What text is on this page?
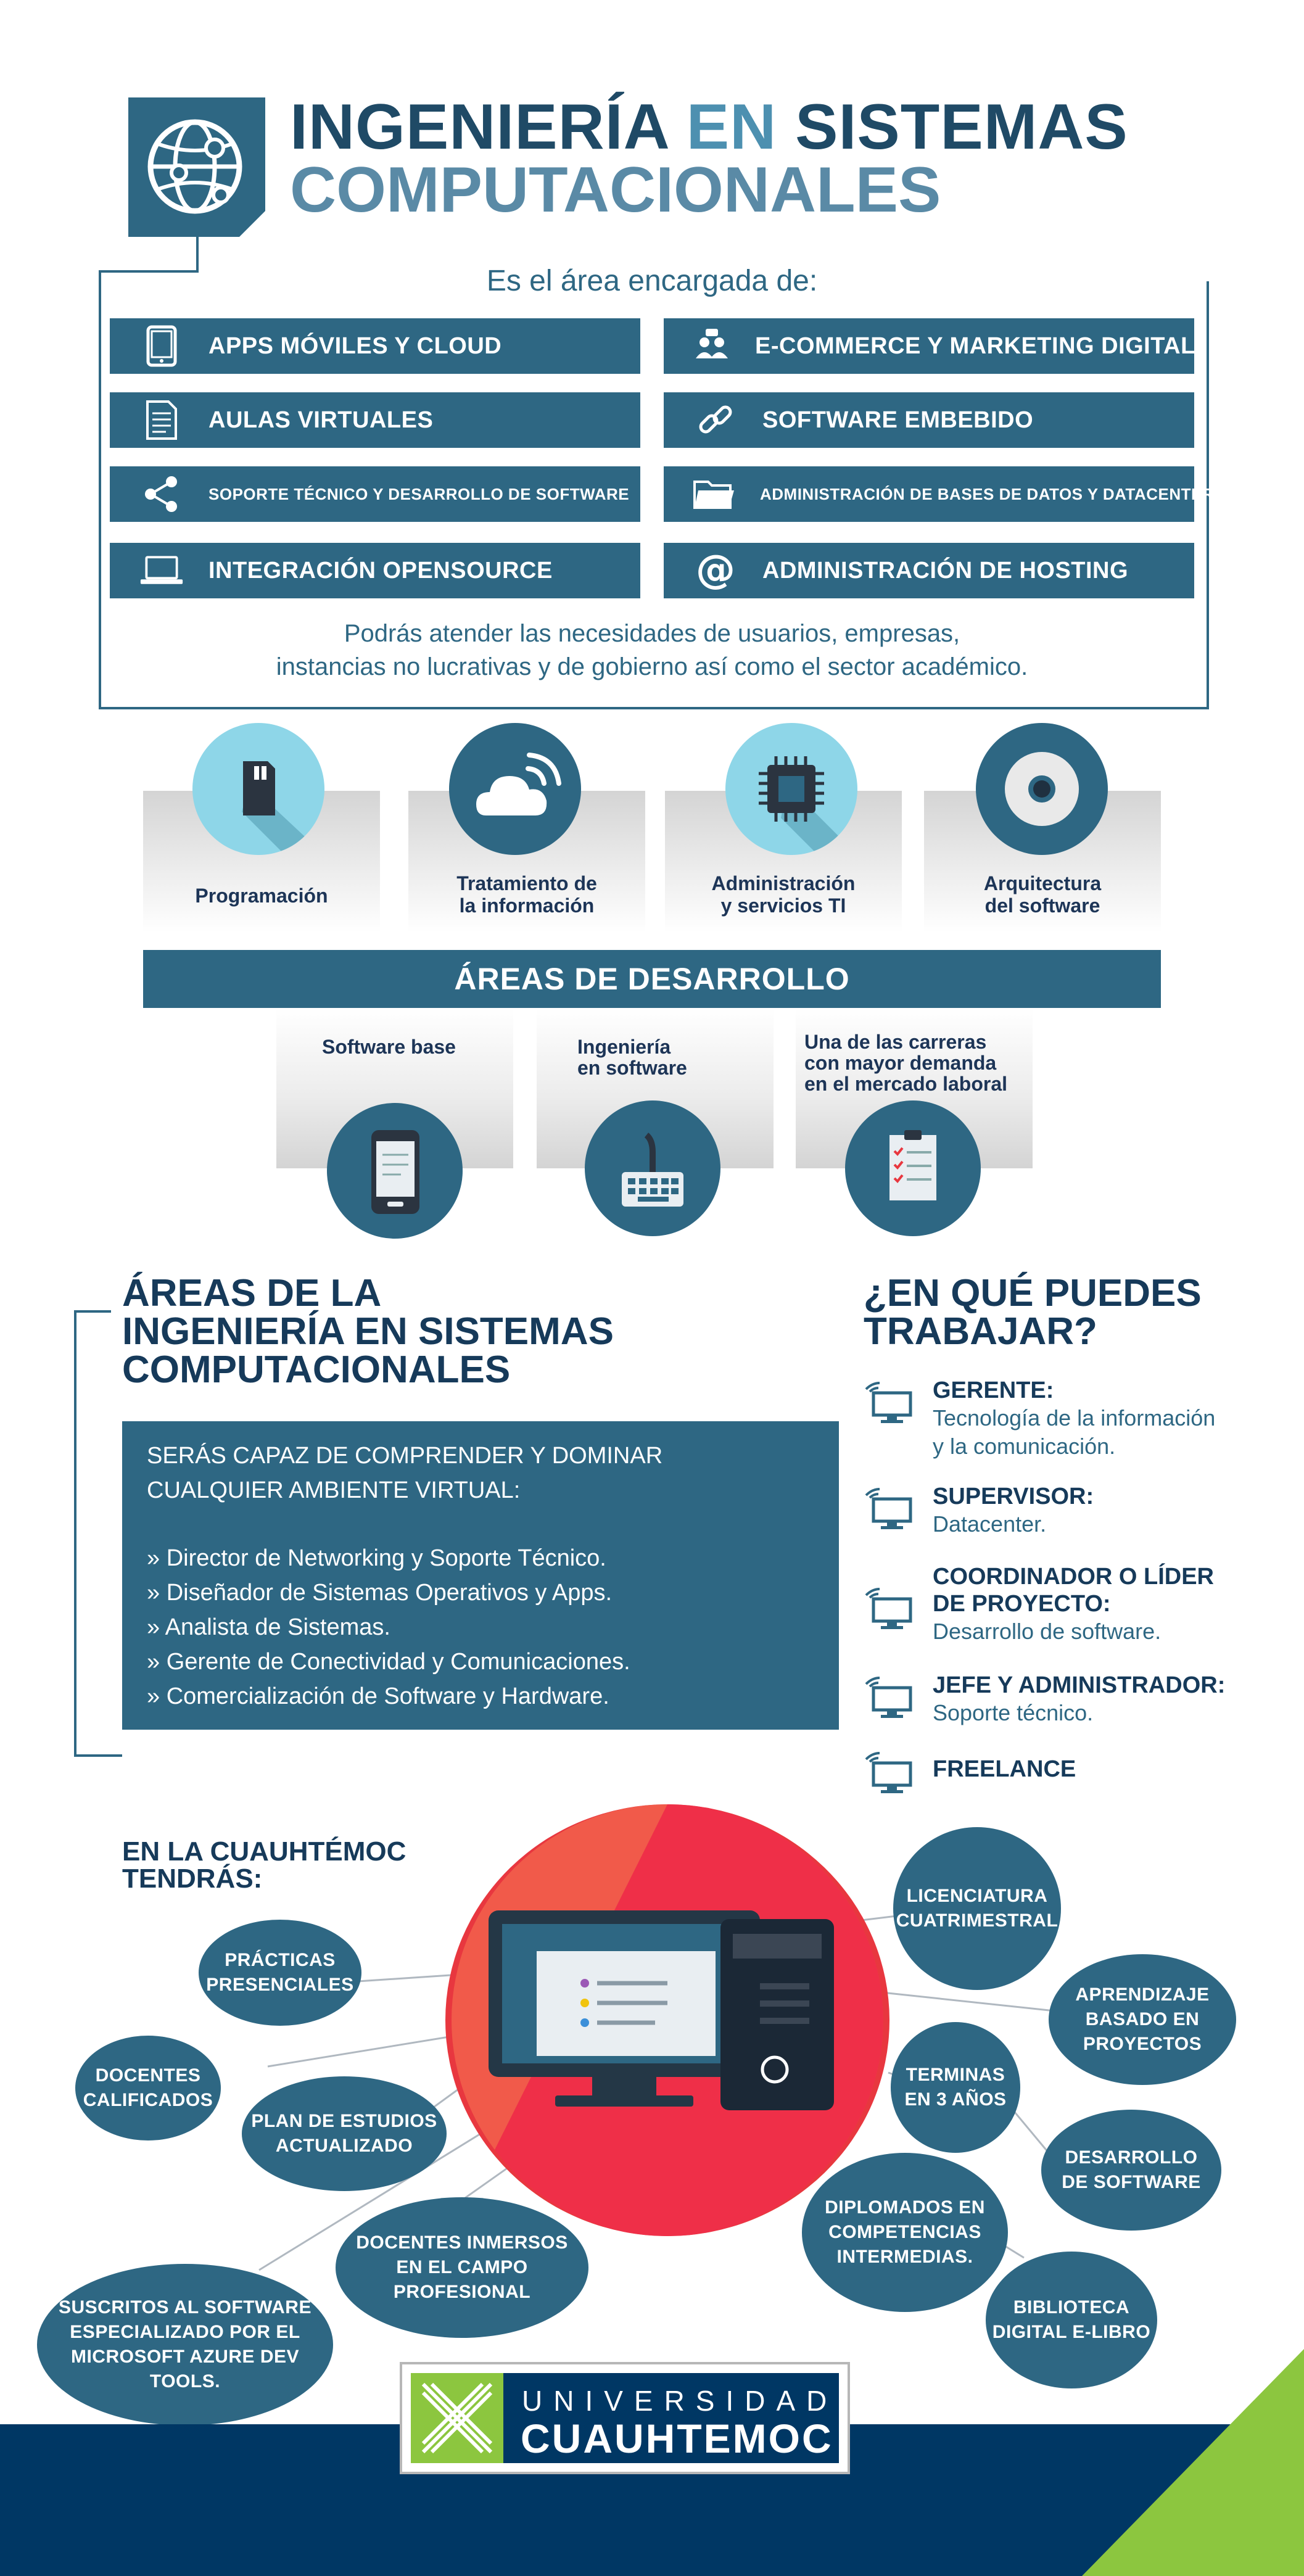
INGENIERÍA EN SISTEMAS
COMPUTACIONALES
Es el área encargada de:
APPS MÓVILES Y CLOUD	E-COMMERCE Y MARKETING DIGITAL
AULAS VIRTUALES	SOFTWARE EMBEBIDO
SOPORTE TÉCNICO Y DESARROLLO DE SOFTWARE	ADMINISTRACIÓN DE BASES DE DATOS Y DATACENTER
INTEGRACIÓN OPENSOURCE	@ ADMINISTRACIÓN DE HOSTING
Podrás atender las necesidades de usuarios, empresas,
instancias no lucrativas y de gobierno así como el sector académico.
Programación
Tratamiento de
la información
Administración
y servicios TI
Arquitectura
del software
ÁREAS DE DESARROLLO
Software base	Ingeniería
en software
Una de las carreras
con mayor demanda
en el mercado laboral
ÁREAS DE LA
INGENIERÍA EN SISTEMAS
COMPUTACIONALES
SERÁS CAPAZ DE COMPRENDER Y DOMINAR
CUALQUIER AMBIENTE VIRTUAL:
» Director de Networking y Soporte Técnico.
» Diseñador de Sistemas Operativos y Apps.
» Analista de Sistemas.
» Gerente de Conectividad y Comunicaciones.
» Comercialización de Software y Hardware.
¿EN QUÉ PUEDES
TRABAJAR?
GERENTE:
Tecnología de la información
y la comunicación.
SUPERVISOR:
Datacenter.
COORDINADOR O LÍDER
DE PROYECTO:
Desarrollo de software.
JEFE Y ADMINISTRADOR:
Soporte técnico.
FREELANCE
EN LA CUAUHTÉMOC
TENDRÁS:
PRÁCTICAS
PRESENCIALES
DOCENTES
CALIFICADOS
PLAN DE ESTUDIOS
ACTUALIZADO
DOCENTES INMERSOS
EN EL CAMPO
PROFESIONAL
SUSCRITOS AL SOFTWARE
ESPECIALIZADO POR EL
MICROSOFT AZURE DEV
TOOLS.
LICENCIATURA
CUATRIMESTRAL
APRENDIZAJE
BASADO EN
PROYECTOS
TERMINAS
EN 3 AÑOS
DESARROLLO
DE SOFTWARE
DIPLOMADOS EN
COMPETENCIAS
INTERMEDIAS.
BIBLIOTECA
DIGITAL E-LIBRO
UNIVERSIDAD
CUAUHTEMOC
